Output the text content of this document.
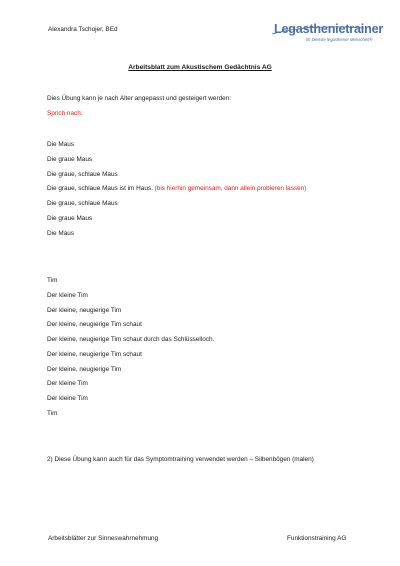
Alexandra Tschojer, BEd	Legasthenietrainer
im Dienste legasthener Menschen®
Arbeitsblatt zum Akustischem Gedächtnis AG
Dies Übung kann je nach Alter angepasst und gesteigert werden:
Sprich nach:
Die Maus
Die graue Maus
Die graue, schlaue Maus
Die graue, schlaue Maus ist im Haus. (bis hierhin gemeinsam, dann allein probieren lassen)
Die graue, schlaue Maus
Die graue Maus
Die Maus
Tim
Der kleine Tim
Der kleine, neugierige Tim
Der kleine, neugierige Tim schaut
Der kleine, neugierige Tim schaut durch das Schlüsselloch.
Der kleine, neugierige Tim schaut
Der kleine, neugierige Tim
Der kleine Tim
Der kleine Tim
Tim
2) Diese Übung kann auch für das Symptomtraining verwendet werden – Silbenbögen (malen)
Arbeitsblätter zur Sinneswahrnehmung	Funktionstraining AG
